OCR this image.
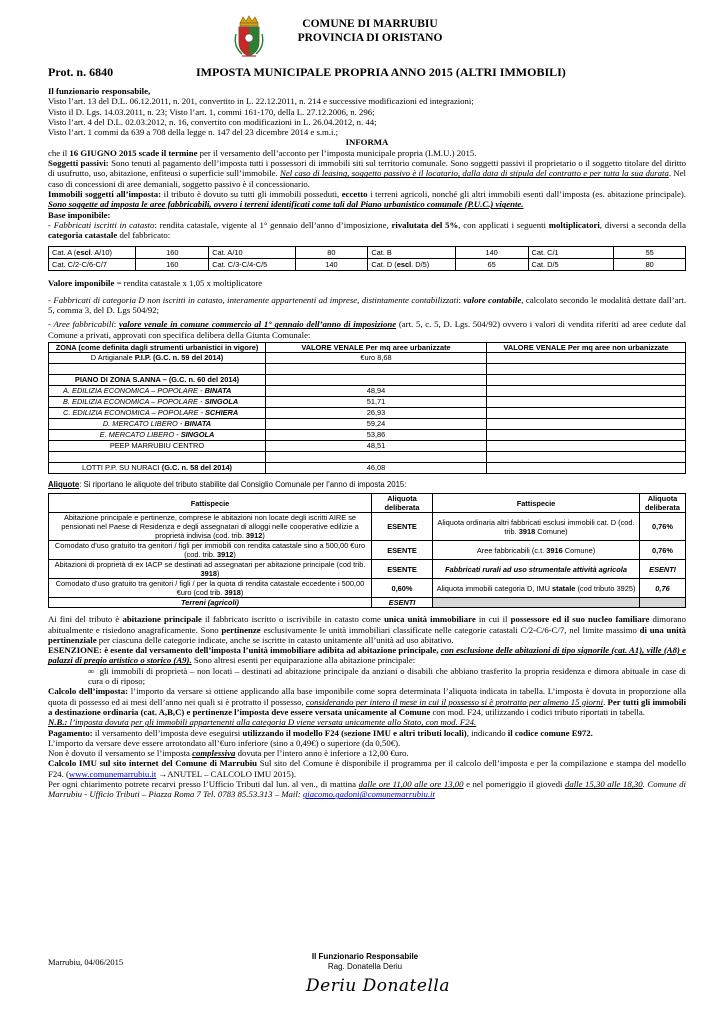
COMUNE DI MARRUBIU
PROVINCIA DI ORISTANO
Prot. n. 6840	IMPOSTA MUNICIPALE PROPRIA ANNO 2015 (ALTRI IMMOBILI)

Il funzionario responsabile,

Visto l’art. 13 del D.L. 06.12.2011, n. 201, convertito in L. 22.12.2011, n. 214 e successive modificazioni ed integrazioni;

Visto il D. Lgs. 14.03.2011, n. 23; Visto l’art. 1, commi 161-170, della L. 27.12.2006, n. 296;

Visto l’art. 4 del D.L. 02.03.2012, n. 16, convertito con modificazioni in L. 26.04.2012, n. 44;

Visto l’art. 1 commi da 639 a 708 della legge n. 147 del 23 dicembre 2014 e s.m.i.;

INFORMA

che il 16 GIUGNO 2015 scade il termine per il versamento dell’acconto per l’imposta municipale propria (I.M.U.) 2015.

Soggetti passivi: Sono tenuti al pagamento dell’imposta tutti i possessori di immobili siti sul territorio comunale. Sono soggetti passivi il proprietario o il soggetto titolare del diritto di usufrutto, uso, abitazione, enfiteusi o superficie sull’immobile. Nel caso di leasing, soggetto passivo è il locatario, dalla data di stipula del contratto e per tutta la sua durata. Nel caso di concessioni di aree demaniali, soggetto passivo è il concessionario.

Immobili soggetti all’imposta: il tributo è dovuto su tutti gli immobili posseduti, eccetto i terreni agricoli, nonché gli altri immobili esenti dall’imposta (es. abitazione principale). Sono soggette ad imposta le aree fabbricabili, ovvero i terreni identificati come tali dal Piano urbanistico comunale (P.U.C.) vigente.

Base imponibile:

- Fabbricati iscritti in catasto: rendita catastale, vigente al 1° gennaio dell’anno d’imposizione, rivalutata del 5%, con applicati i seguenti moltiplicatori, diversi a seconda della categoria catastale del fabbricato:

Cat. A (escl. A/10)	160	Cat. A/10	80	Cat. B	140	Cat. C/1	55
Cat. C/2-C/6-C/7	160	Cat. C/3-C/4-C/5	140	Cat. D (escl. D/5)	65	Cat. D/5	80

Valore imponibile = rendita catastale x 1,05 x moltiplicatore

- Fabbricati di categoria D non iscritti in catasto, interamente appartenenti ad imprese, distintamente contabilizzati: valore contabile, calcolato secondo le modalità dettate dall’art. 5, comma 3, del D. Lgs 504/92;

- Aree fabbricabili: valore venale in comune commercio al 1° gennaio dell’anno di imposizione (art. 5, c. 5, D. Lgs. 504/92) ovvero i valori di vendita riferiti ad aree cedute dal Comune a privati, approvati con specifica delibera della Giunta Comunale:

ZONA (come definita dagli strumenti urbanistici in vigore)	VALORE VENALE Per mq aree urbanizzate	VALORE VENALE Per mq aree non urbanizzate
D Artigianale P.I.P. (G.C. n. 59 del 2014)	€uro 8,68	

PIANO DI ZONA S.ANNA – (G.C. n. 60 del 2014)		
A. EDILIZIA ECONOMICA – POPOLARE - BINATA	48,94	
B. EDILIZIA ECONOMICA – POPOLARE - SINGOLA	51,71	
C. EDILIZIA ECONOMICA – POPOLARE - SCHIERA	26,93	
D. MERCATO LIBERO - BINATA	59,24	
E. MERCATO LIBERO - SINGOLA	53,86	
PEEP MARRUBIU CENTRO	48,51	

LOTTI P.P. SU NURACI (G.C. n. 58 del 2014)	46,08	

Aliquote: Si riportano le aliquote del tributo stabilite dal Consiglio Comunale per l’anno di imposta 2015:

Fattispecie	Aliquota deliberata	Fattispecie	Aliquota deliberata
Abitazione principale e pertinenze, comprese le abitazioni non locate degli iscritti AIRE se pensionati nel Paese di Residenza e degli assegnatari di alloggi nelle cooperative edilizie a proprietà indivisa (cod. trib. 3912)	ESENTE	Aliquota ordinaria altri fabbricati esclusi immobili cat. D (cod. trib. 3918 Comune)	0,76%
Comodato d’uso gratuito tra genitori / figli per immobili con rendita catastale sino a 500,00 €uro (cod. trib. 3912)	ESENTE	Aree fabbricabili (c.t. 3916 Comune)	0,76%
Abitazioni di proprietà di ex IACP se destinati ad assegnatari per abitazione principale (cod trib. 3918)	ESENTE	Fabbricati rurali ad uso strumentale attività agricola	ESENTI
Comodato d’uso gratuito tra genitori / figli / per la quota di rendita catastale eccedente i 500,00 €uro (cod trib. 3918)	0,60%	Aliquota immobili categoria D, IMU statale (cod tributo 3925)	0,76
Terreni (agricoli)	ESENTI		

Ai fini del tributo è abitazione principale il fabbricato iscritto o iscrivibile in catasto come unica unità immobiliare in cui il possessore ed il suo nucleo familiare dimorano abitualmente e risiedono anagraficamente. Sono pertinenze esclusivamente le unità immobiliari classificate nelle categorie catastali C/2-C/6-C/7, nel limite massimo di una unità pertinenziale per ciascuna delle categorie indicate, anche se iscritte in catasto unitamente all’unità ad uso abitativo.

ESENZIONE: è esente dal versamento dell’imposta l’unità immobiliare adibita ad abitazione principale, con esclusione delle abitazioni di tipo signorile (cat. A1), ville (A8) e palazzi di pregio artistico o storico (A9). Sono altresi esenti per equiparazione alla abitazione principale:

∞  gli immobili di proprietà – non locati – destinati ad abitazione principale da anziani o disabili che abbiano trasferito la propria residenza e dimora abituale in case di cura o di riposo;

Calcolo dell’imposta: l’importo da versare si ottiene applicando alla base imponibile come sopra determinata l’aliquota indicata in tabella. L’imposta è dovuta in proporzione alla quota di possesso ed ai mesi dell’anno nei quali si è protratto il possesso, considerando per intero il mese in cui il possesso si è protratto per almeno 15 giorni. Per tutti gli immobili a destinazione ordinaria (cat. A,B,C) e pertinenze l’imposta deve essere versata unicamente al Comune con mod. F24, utilizzando i codici tributo riportati in tabella.

N.B.: l’imposta dovuta per gli immobili appartenenti alla categoria D viene versata unicamente allo Stato, con mod. F24.

Pagamento: il versamento dell’imposta deve eseguirsi utilizzando il modello F24 (sezione IMU e altri tributi locali), indicando il codice comune E972.

L’importo da versare deve essere arrotondato all’€uro inferiore (sino a 0,49€) o superiore (da 0,50€).

Non è dovuto il versamento se l’imposta complessiva dovuta per l’intero anno è inferiore a 12,00 €uro.

Calcolo IMU sul sito internet del Comune di Marrubiu Sul sito del Comune è disponibile il programma per il calcolo dell’imposta e per la compilazione e stampa del modello F24. (www.comunemarrubiu.it →ANUTEL – CALCOLO IMU 2015).

Per ogni chiarimento potrete recarvi presso l’Ufficio Tributi dal lun. al ven., di mattina dalle ore 11,00 alle ore 13,00 e nel pomeriggio il giovedi dalle 15,30 alle 18,30. Comune di Marrubiu - Ufficio Tributi – Piazza Roma 7 Tel. 0783 85.53.313 – Mail: giacomo.gadoni@comunemarrubiu.it

Marrubiu, 04/06/2015
Il Funzionario Responsabile
Rag. Donatella Deriu
Deriu Donatella
